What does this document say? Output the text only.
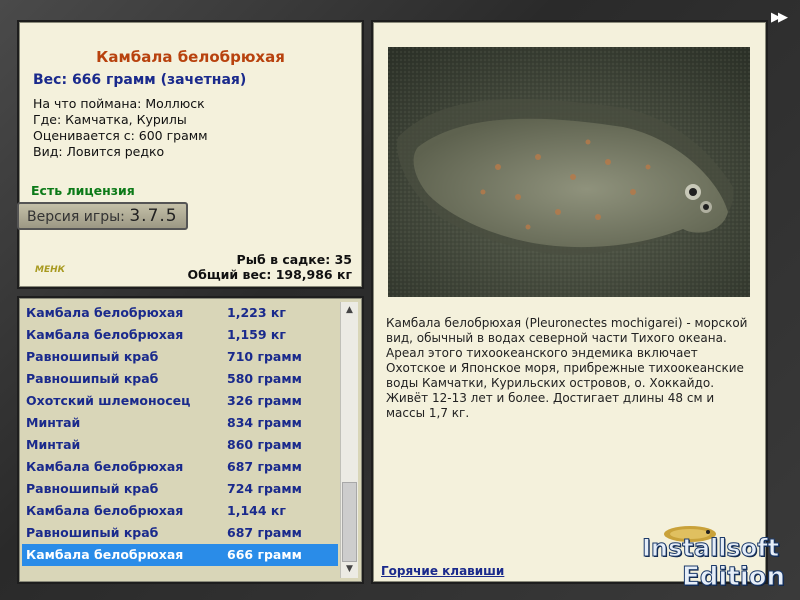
▶▶
Камбала белобрюхая
Вес: 666 грамм (зачетная)
На что поймана: Моллюск
Где: Камчатка, Курилы
Оценивается с: 600 грамм
Вид: Ловится редко
Есть лицензия
Версия игры: 3.7.5
МЕНК
Рыб в садке: 35
Общий вес: 198,986 кг
Камбала белобрюхая	1,223 кг
Камбала белобрюхая	1,159 кг
Равношипый краб	710 грамм
Равношипый краб	580 грамм
Охотский шлемоносец	326 грамм
Минтай	834 грамм
Минтай	860 грамм
Камбала белобрюхая	687 грамм
Равношипый краб	724 грамм
Камбала белобрюхая	1,144 кг
Равношипый краб	687 грамм
Камбала белобрюхая	666 грамм
▲
▼
Камбала белобрюхая (Pleuronectes mochigarei) - морской вид, обычный в водах северной части Тихого океана. Ареал этого тихоокеанского эндемика включает Охотское и Японское моря, прибрежные тихоокеанские воды Камчатки, Курильских островов, о. Хоккайдо. Живёт 12-13 лет и более. Достигает длины 48 см и массы 1,7 кг.
Горячие клавиши
Installsoft
Edition
